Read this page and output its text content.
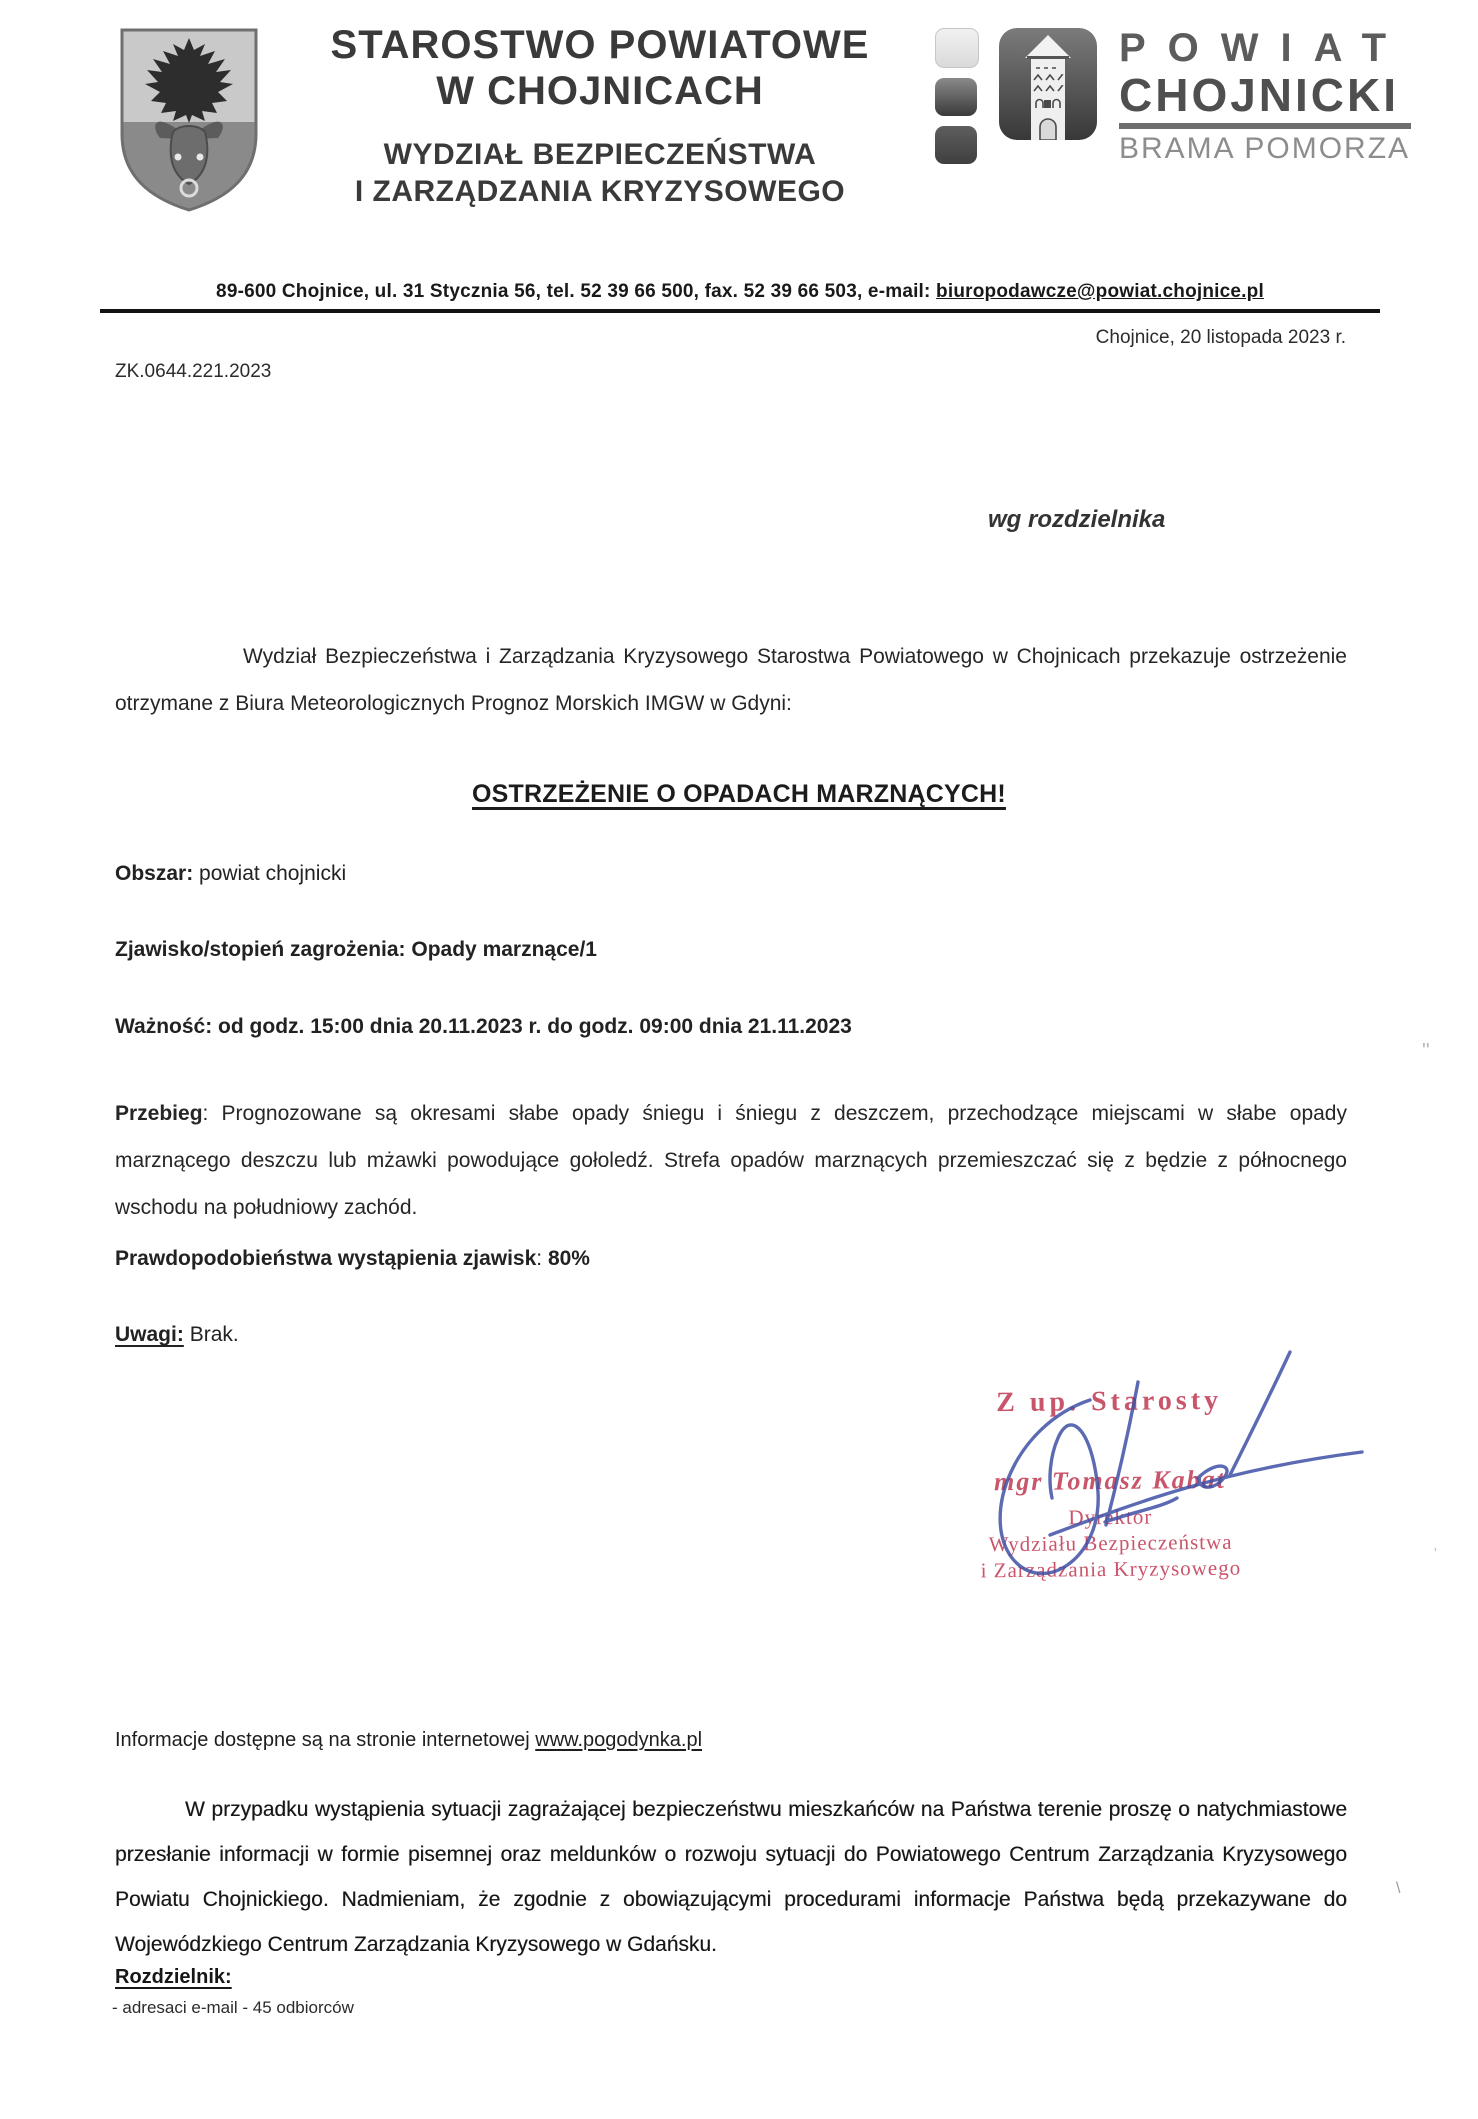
STAROSTWO POWIATOWE
W CHOJNICACH
WYDZIAŁ BEZPIECZEŃSTWA
I ZARZĄDZANIA KRYZYSOWEGO
POWIAT
CHOJNICKI
BRAMA POMORZA
89-600 Chojnice, ul. 31 Stycznia 56, tel. 52 39 66 500, fax. 52 39 66 503, e-mail: biuropodawcze@powiat.chojnice.pl
Chojnice, 20 listopada 2023 r.
ZK.0644.221.2023
wg rozdzielnika
Wydział Bezpieczeństwa i Zarządzania Kryzysowego Starostwa Powiatowego w Chojnicach przekazuje ostrzeżenie otrzymane z Biura Meteorologicznych Prognoz Morskich IMGW w Gdyni:
OSTRZEŻENIE O OPADACH MARZNĄCYCH!
Obszar: powiat chojnicki
Zjawisko/stopień zagrożenia: Opady marznące/1
Ważność: od godz. 15:00 dnia 20.11.2023 r. do godz. 09:00 dnia 21.11.2023
Przebieg: Prognozowane są okresami słabe opady śniegu i śniegu z deszczem, przechodzące miejscami w słabe opady marznącego deszczu lub mżawki powodujące gołoledź. Strefa opadów marznących przemieszczać się z będzie z północnego wschodu na południowy zachód.
Prawdopodobieństwa wystąpienia zjawisk: 80%
Uwagi: Brak.
Z up. Starosty
mgr Tomasz Kabat
Dyrektor
Wydziału Bezpieczeństwa
i Zarządzania Kryzysowego
Informacje dostępne są na stronie internetowej www.pogodynka.pl
W przypadku wystąpienia sytuacji zagrażającej bezpieczeństwu mieszkańców na Państwa terenie proszę o natychmiastowe przesłanie informacji w formie pisemnej oraz meldunków o rozwoju sytuacji do Powiatowego Centrum Zarządzania Kryzysowego Powiatu Chojnickiego. Nadmieniam, że zgodnie z obowiązującymi procedurami informacje Państwa będą przekazywane do Wojewódzkiego Centrum Zarządzania Kryzysowego w Gdańsku.
Rozdzielnik:
- adresaci e-mail - 45 odbiorców
''
\
'
